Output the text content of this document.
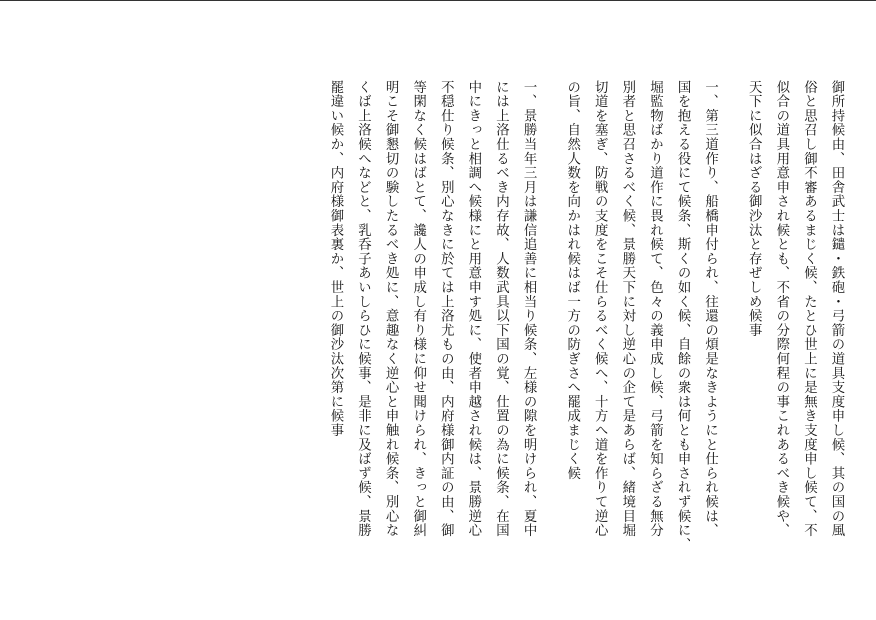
御所持候由、田舎武士は鑓・鉄砲・弓箭の道具支度申し候、其の国の風
俗と思召し御不審あるまじく候、たとひ世上に是無き支度申し候て、不
似合の道具用意申され候とも、不省の分際何程の事これあるべき候や、
天下に似合はざる御沙汰と存ぜしめ候事
一、第三道作り、船橋申付られ、往還の煩是なきようにと仕られ候は、
国を抱える役にて候条、斯くの如く候、自餘の衆は何とも申されず候に、
堀監物ばかり道作に畏れ候て、色々の義申成し候、弓箭を知らざる無分
別者と思召さるべく候、景勝天下に対し逆心の企て是あらば、緒境目堀
切道を塞ぎ、防戦の支度をこそ仕らるべく候へ、十方へ道を作りて逆心
の旨、自然人数を向かはれ候はば一方の防ぎさへ罷成まじく候
一、景勝当年三月は謙信追善に相当り候条、左様の隙を明けられ、夏中
には上洛仕るべき内存故、人数武具以下国の覚、仕置の為に候条、在国
中にきっと相調へ候様にと用意申す処に、使者申越され候は、景勝逆心
不穏仕り候条、別心なきに於ては上洛尤もの由、内府様御内証の由、御
等閑なく候はばとて、讒人の申成し有り様に仰せ聞けられ、きっと御糾
明こそ御懇切の験したるべき処に、意趣なく逆心と申触れ候条、別心な
くば上洛候へなどと、乳呑子あいしらひに候事、是非に及ばず候、景勝
罷違い候か、内府様御表裏か、世上の御沙汰次第に候事
